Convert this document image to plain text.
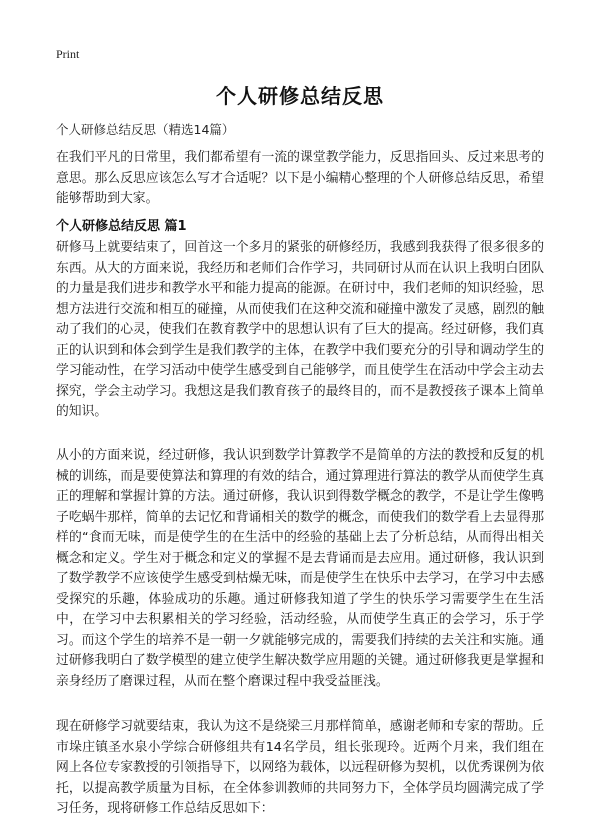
Print
个人研修总结反思
个人研修总结反思（精选14篇）
在我们平凡的日常里，我们都希望有一流的课堂教学能力，反思指回头、反过来思考的意思。那么反思应该怎么写才合适呢？以下是小编精心整理的个人研修总结反思，希望能够帮助到大家。
个人研修总结反思 篇1
研修马上就要结束了，回首这一个多月的紧张的研修经历，我感到我获得了很多很多的东西。从大的方面来说，我经历和老师们合作学习，共同研讨从而在认识上我明白团队的力量是我们进步和教学水平和能力提高的能源。在研讨中，我们老师的知识经验，思想方法进行交流和相互的碰撞，从而使我们在这种交流和碰撞中激发了灵感，剧烈的触动了我们的心灵，使我们在教育教学中的思想认识有了巨大的提高。经过研修，我们真正的认识到和体会到学生是我们教学的主体，在教学中我们要充分的引导和调动学生的学习能动性，在学习活动中使学生感受到自己能够学，而且使学生在活动中学会主动去探究，学会主动学习。我想这是我们教育孩子的最终目的，而不是教授孩子课本上简单的知识。
从小的方面来说，经过研修，我认识到数学计算教学不是简单的方法的教授和反复的机械的训练，而是要使算法和算理的有效的结合，通过算理进行算法的教学从而使学生真正的理解和掌握计算的方法。通过研修，我认识到得数学概念的教学，不是让学生像鸭子吃蜗牛那样，简单的去记忆和背诵相关的数学的概念，而使我们的数学看上去显得那样的“食而无味，而是使学生的在生活中的经验的基础上去了分析总结，从而得出相关概念和定义。学生对于概念和定义的掌握不是去背诵而是去应用。通过研修，我认识到了数学教学不应该使学生感受到枯燥无味，而是使学生在快乐中去学习，在学习中去感受探究的乐趣，体验成功的乐趣。通过研修我知道了学生的快乐学习需要学生在生活中，在学习中去积累相关的学习经验，活动经验，从而使学生真正的会学习，乐于学习。而这个学生的培养不是一朝一夕就能够完成的，需要我们持续的去关注和实施。通过研修我明白了数学模型的建立使学生解决数学应用题的关键。通过研修我更是掌握和亲身经历了磨课过程，从而在整个磨课过程中我受益匪浅。
现在研修学习就要结束，我认为这不是绕梁三月那样简单，感谢老师和专家的帮助。丘市垛庄镇圣水泉小学综合研修组共有14名学员，组长张现玲。近两个月来，我们组在网上各位专家教授的引领指导下，以网络为载体，以远程研修为契机，以优秀课例为依托，以提高教学质量为目标，在全体参训教师的共同努力下，全体学员均圆满完成了学习任务，现将研修工作总结反思如下：
